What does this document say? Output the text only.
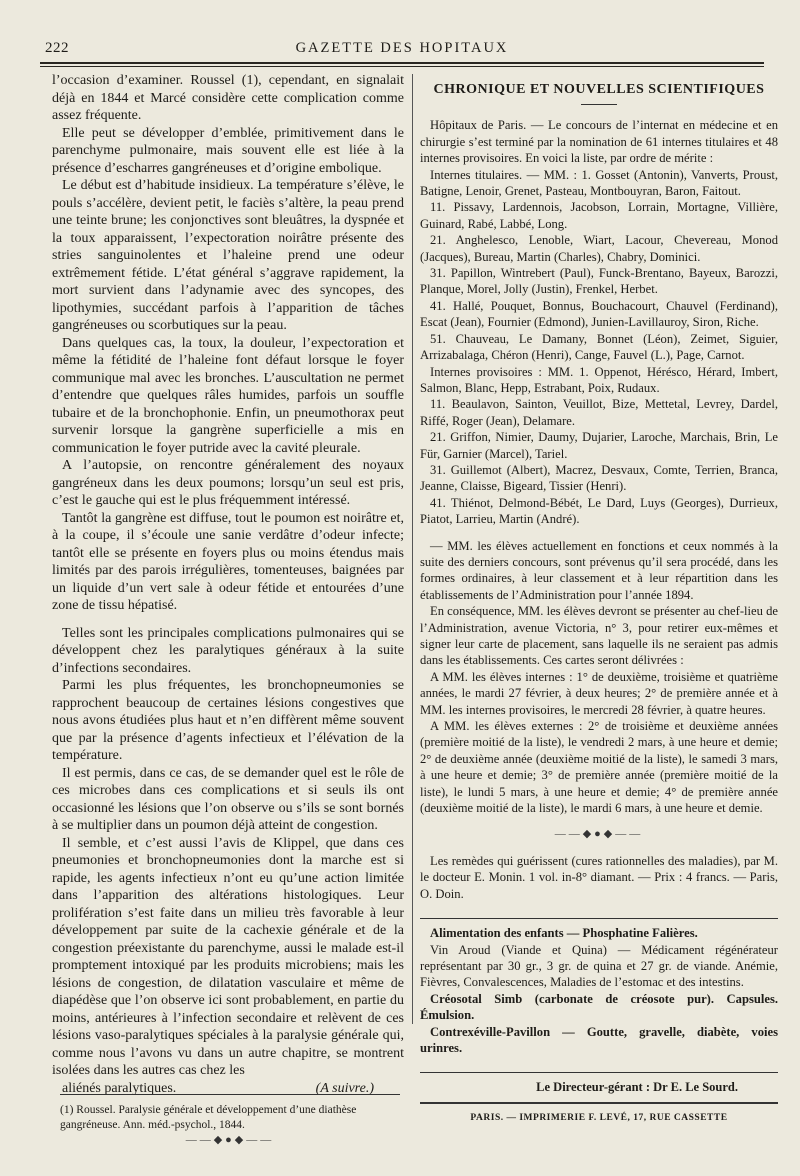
222	GAZETTE DES HOPITAUX

l’occasion d’examiner. Roussel (1), cependant, en signalait déjà en 1844 et Marcé considère cette complication comme assez fréquente.

Elle peut se développer d’emblée, primitivement dans le parenchyme pulmonaire, mais souvent elle est liée à la présence d’escharres gangréneuses et d’origine embolique.

Le début est d’habitude insidieux. La température s’élève, le pouls s’accélère, devient petit, le faciès s’altère, la peau prend une teinte brune; les conjonctives sont bleuâtres, la dyspnée et la toux apparaissent, l’expectoration noirâtre présente des stries sanguinolentes et l’haleine prend une odeur extrêmement fétide. L’état général s’aggrave rapidement, la mort survient dans l’adynamie avec des syncopes, des lipothymies, succédant parfois à l’apparition de tâches gangréneuses ou scorbutiques sur la peau.

Dans quelques cas, la toux, la douleur, l’expectoration et même la fétidité de l’haleine font défaut lorsque le foyer communique mal avec les bronches. L’auscultation ne permet d’entendre que quelques râles humides, parfois un souffle tubaire et de la bronchophonie. Enfin, un pneumothorax peut survenir lorsque la gangrène superficielle a mis en communication le foyer putride avec la cavité pleurale.

A l’autopsie, on rencontre généralement des noyaux gangréneux dans les deux poumons; lorsqu’un seul est pris, c’est le gauche qui est le plus fréquemment intéressé.

Tantôt la gangrène est diffuse, tout le poumon est noirâtre et, à la coupe, il s’écoule une sanie verdâtre d’odeur infecte; tantôt elle se présente en foyers plus ou moins étendus mais limités par des parois irrégulières, tomenteuses, baignées par un liquide d’un vert sale à odeur fétide et entourées d’une zone de tissu hépatisé.

Telles sont les principales complications pulmonaires qui se développent chez les paralytiques généraux à la suite d’infections secondaires.

Parmi les plus fréquentes, les bronchopneumonies se rapprochent beaucoup de certaines lésions congestives que nous avons étudiées plus haut et n’en diffèrent même souvent que par la présence d’agents infectieux et l’élévation de la température.

Il est permis, dans ce cas, de se demander quel est le rôle de ces microbes dans ces complications et si seuls ils ont occasionné les lésions que l’on observe ou s’ils se sont bornés à se multiplier dans un poumon déjà atteint de congestion.

Il semble, et c’est aussi l’avis de Klippel, que dans ces pneumonies et bronchopneumonies dont la marche est si rapide, les agents infectieux n’ont eu qu’une action limitée dans l’apparition des altérations histologiques. Leur prolifération s’est faite dans un milieu très favorable à leur développement par suite de la cachexie générale et de la congestion préexistante du parenchyme, aussi le malade est-il promptement intoxiqué par les produits microbiens; mais les lésions de congestion, de dilatation vasculaire et même de diapédèse que l’on observe ici sont probablement, en partie du moins, antérieures à l’infection secondaire et relèvent de ces lésions vaso-paralytiques spéciales à la paralysie générale qui, comme nous l’avons vu dans un autre chapitre, se montrent isolées dans les autres cas chez les

aliénés paralytiques.	(A suivre.)

(1) Roussel. Paralysie générale et développement d’une diathèse gangréneuse. Ann. méd.-psychol., 1844.
——◆●◆——
CHRONIQUE ET NOUVELLES SCIENTIFIQUES

Hôpitaux de Paris. — Le concours de l’internat en médecine et en chirurgie s’est terminé par la nomination de 61 internes titulaires et 48 internes provisoires. En voici la liste, par ordre de mérite :

Internes titulaires. — MM. : 1. Gosset (Antonin), Vanverts, Proust, Batigne, Lenoir, Grenet, Pasteau, Montbouyran, Baron, Faitout.

11. Pissavy, Lardennois, Jacobson, Lorrain, Mortagne, Villière, Guinard, Rabé, Labbé, Long.

21. Anghelesco, Lenoble, Wiart, Lacour, Chevereau, Monod (Jacques), Bureau, Martin (Charles), Chabry, Dominici.

31. Papillon, Wintrebert (Paul), Funck-Brentano, Bayeux, Barozzi, Planque, Morel, Jolly (Justin), Frenkel, Herbet.

41. Hallé, Pouquet, Bonnus, Bouchacourt, Chauvel (Ferdinand), Escat (Jean), Fournier (Edmond), Junien-Lavillauroy, Siron, Riche.

51. Chauveau, Le Damany, Bonnet (Léon), Zeimet, Siguier, Arrizabalaga, Chéron (Henri), Cange, Fauvel (L.), Page, Carnot.

Internes provisoires : MM. 1. Oppenot, Hérésco, Hérard, Imbert, Salmon, Blanc, Hepp, Estrabant, Poix, Rudaux.

11. Beaulavon, Sainton, Veuillot, Bize, Mettetal, Levrey, Dardel, Riffé, Roger (Jean), Delamare.

21. Griffon, Nimier, Daumy, Dujarier, Laroche, Marchais, Brin, Le Für, Garnier (Marcel), Tariel.

31. Guillemot (Albert), Macrez, Desvaux, Comte, Terrien, Branca, Jeanne, Claisse, Bigeard, Tissier (Henri).

41. Thiénot, Delmond-Bébét, Le Dard, Luys (Georges), Durrieux, Piatot, Larrieu, Martin (André).

— MM. les élèves actuellement en fonctions et ceux nommés à la suite des derniers concours, sont prévenus qu’il sera procédé, dans les formes ordinaires, à leur classement et à leur répartition dans les établissements de l’Administration pour l’année 1894.

En conséquence, MM. les élèves devront se présenter au chef-lieu de l’Administration, avenue Victoria, n° 3, pour retirer eux-mêmes et signer leur carte de placement, sans laquelle ils ne seraient pas admis dans les établissements. Ces cartes seront délivrées :

A MM. les élèves internes : 1° de deuxième, troisième et quatrième années, le mardi 27 février, à deux heures; 2° de première année et à MM. les internes provisoires, le mercredi 28 février, à quatre heures.

A MM. les élèves externes : 2° de troisième et deuxième années (première moitié de la liste), le vendredi 2 mars, à une heure et demie; 2° de deuxième année (deuxième moitié de la liste), le samedi 3 mars, à une heure et demie; 3° de première année (première moitié de la liste), le lundi 5 mars, à une heure et demie; 4° de première année (deuxième moitié de la liste), le mardi 6 mars, à une heure et demie.

——◆●◆——

Les remèdes qui guérissent (cures rationnelles des maladies), par M. le docteur E. Monin. 1 vol. in-8° diamant. — Prix : 4 francs. — Paris, O. Doin.

Alimentation des enfants — Phosphatine Falières.

Vin Aroud (Viande et Quina) — Médicament régénérateur représentant par 30 gr., 3 gr. de quina et 27 gr. de viande. Anémie, Fièvres, Convalescences, Maladies de l’estomac et des intestins.

Créosotal Simb (carbonate de créosote pur). Capsules. Émulsion.

Contrexéville-Pavillon — Goutte, gravelle, diabète, voies urinres.

Le Directeur-gérant : Dr E. Le Sourd.
PARIS. — IMPRIMERIE F. LEVÉ, 17, RUE CASSETTE
